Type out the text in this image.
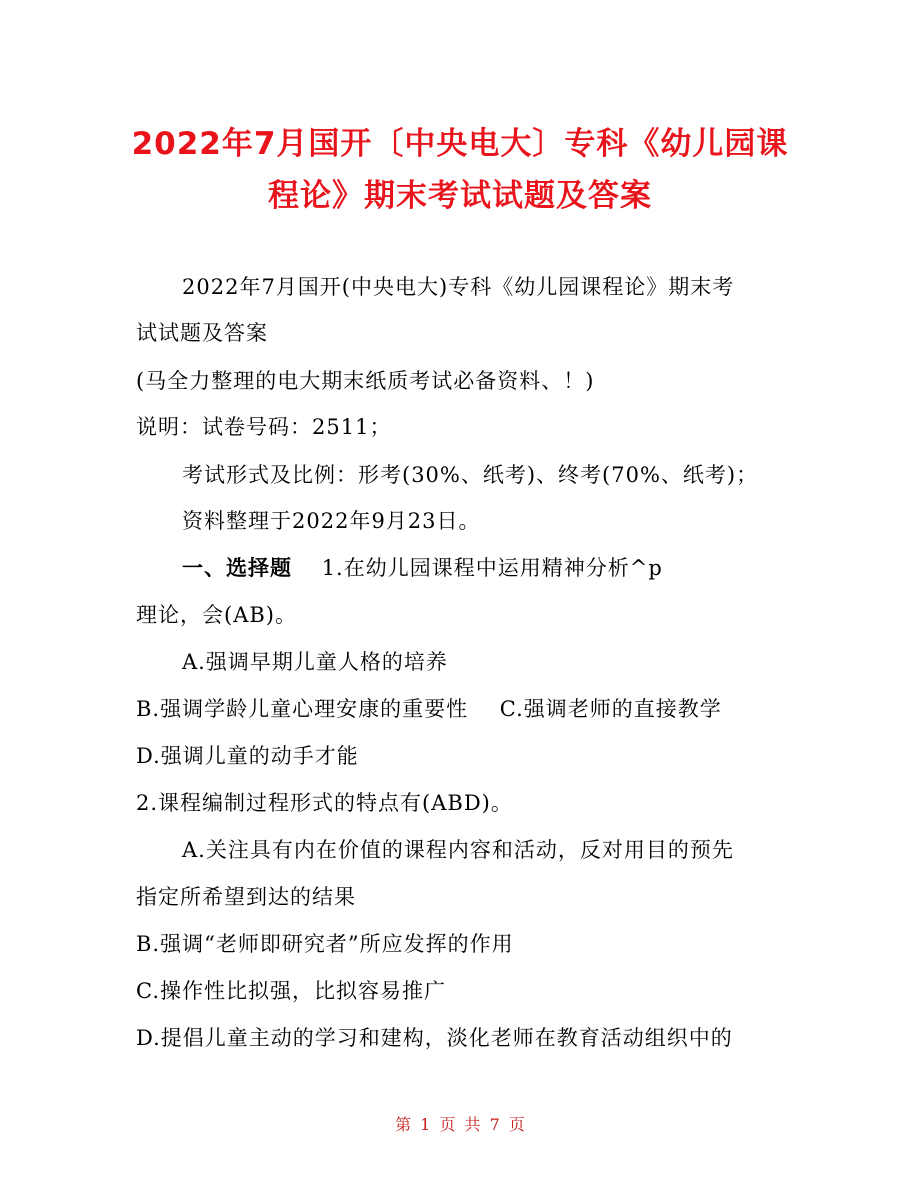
2022年7月国开〔中央电大〕专科《幼儿园课
程论》期末考试试题及答案
2022年7月国开(中央电大)专科《幼儿园课程论》期末考
试试题及答案
(马全力整理的电大期末纸质考试必备资料、！)
说明：试卷号码：2511；
考试形式及比例：形考(30%、纸考)、终考(70%、纸考)；
资料整理于2022年9月23日。
一、选择题 1.在幼儿园课程中运用精神分析^p
理论，会(AB)。
A.强调早期儿童人格的培养
B.强调学龄儿童心理安康的重要性 C.强调老师的直接教学
D.强调儿童的动手才能
2.课程编制过程形式的特点有(ABD)。
A.关注具有内在价值的课程内容和活动，反对用目的预先
指定所希望到达的结果
B.强调“老师即研究者”所应发挥的作用
C.操作性比拟强，比拟容易推广
D.提倡儿童主动的学习和建构，淡化老师在教育活动组织中的
第 1 页 共 7 页
